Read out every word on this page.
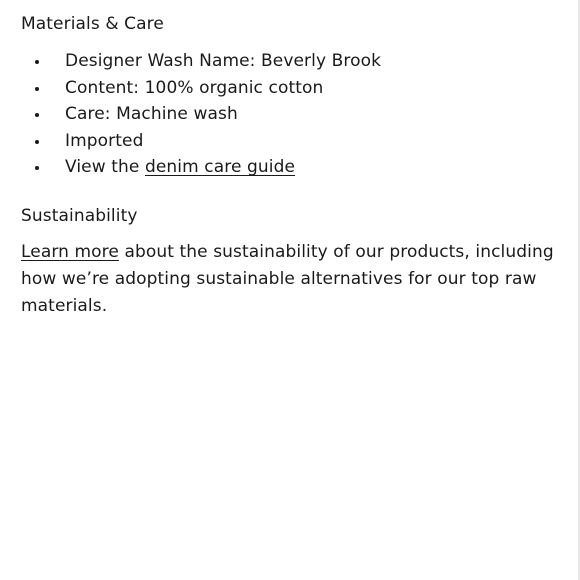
Materials & Care
Designer Wash Name: Beverly Brook
Content: 100% organic cotton
Care: Machine wash
Imported
View the denim care guide
Sustainability

Learn more about the sustainability of our products, including how we’re adopting sustainable alternatives for our top raw materials.
